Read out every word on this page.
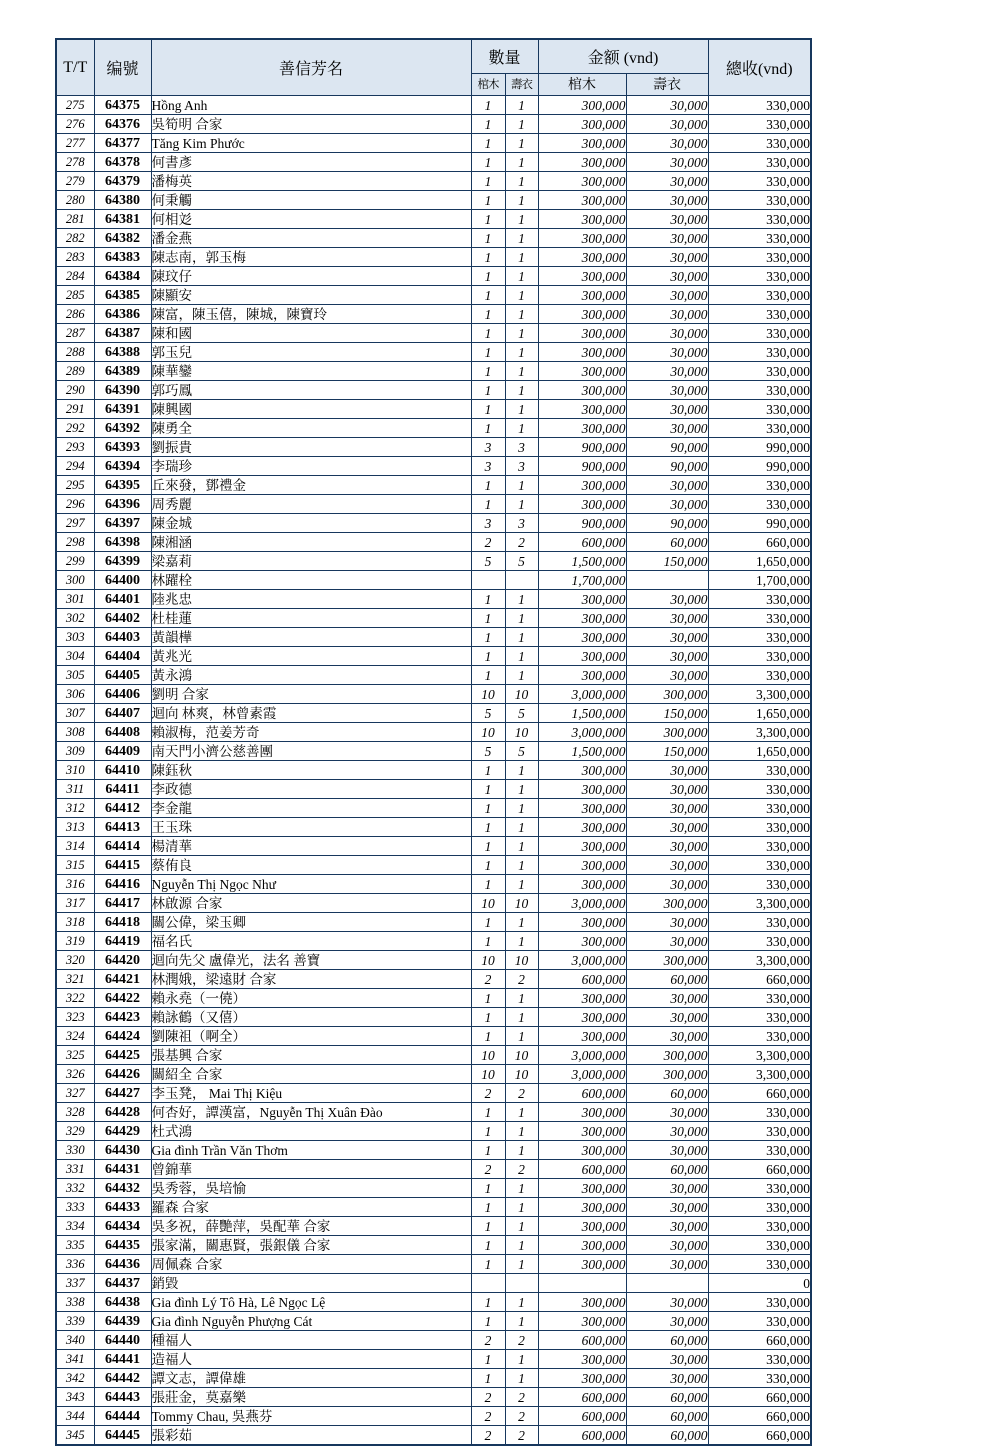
T/T	编號	善信芳名	數量		金额 (vnd)		總收(vnd)
			棺木	壽衣	棺木	壽衣	
275	64375	Hồng Anh	1	1	300,000	30,000	330,000
276	64376	吳筍明 合家	1	1	300,000	30,000	330,000
277	64377	Tăng Kim Phước	1	1	300,000	30,000	330,000
278	64378	何書彥	1	1	300,000	30,000	330,000
279	64379	潘梅英	1	1	300,000	30,000	330,000
280	64380	何秉觸	1	1	300,000	30,000	330,000
281	64381	何相彣	1	1	300,000	30,000	330,000
282	64382	潘金燕	1	1	300,000	30,000	330,000
283	64383	陳志南，郭玉梅	1	1	300,000	30,000	330,000
284	64384	陳玟仔	1	1	300,000	30,000	330,000
285	64385	陳顯安	1	1	300,000	30,000	330,000
286	64386	陳富，陳玉僖，陳城，陳寶玲	1	1	300,000	30,000	330,000
287	64387	陳和國	1	1	300,000	30,000	330,000
288	64388	郭玉兒	1	1	300,000	30,000	330,000
289	64389	陳華鑾	1	1	300,000	30,000	330,000
290	64390	郭巧鳳	1	1	300,000	30,000	330,000
291	64391	陳興國	1	1	300,000	30,000	330,000
292	64392	陳勇全	1	1	300,000	30,000	330,000
293	64393	劉振貴	3	3	900,000	90,000	990,000
294	64394	李瑞珍	3	3	900,000	90,000	990,000
295	64395	丘來發，鄧禮金	1	1	300,000	30,000	330,000
296	64396	周秀麗	1	1	300,000	30,000	330,000
297	64397	陳金城	3	3	900,000	90,000	990,000
298	64398	陳湘涵	2	2	600,000	60,000	660,000
299	64399	梁嘉莉	5	5	1,500,000	150,000	1,650,000
300	64400	林躍栓			1,700,000		1,700,000
301	64401	陸兆忠	1	1	300,000	30,000	330,000
302	64402	杜桂蓮	1	1	300,000	30,000	330,000
303	64403	黃韻樺	1	1	300,000	30,000	330,000
304	64404	黃兆光	1	1	300,000	30,000	330,000
305	64405	黃永鴻	1	1	300,000	30,000	330,000
306	64406	劉明 合家	10	10	3,000,000	300,000	3,300,000
307	64407	迴向 林爽，林曾素霞	5	5	1,500,000	150,000	1,650,000
308	64408	賴淑梅，范姜芳奇	10	10	3,000,000	300,000	3,300,000
309	64409	南天門小濟公慈善團	5	5	1,500,000	150,000	1,650,000
310	64410	陳鈺秋	1	1	300,000	30,000	330,000
311	64411	李政德	1	1	300,000	30,000	330,000
312	64412	李金龍	1	1	300,000	30,000	330,000
313	64413	王玉珠	1	1	300,000	30,000	330,000
314	64414	楊清華	1	1	300,000	30,000	330,000
315	64415	蔡侑良	1	1	300,000	30,000	330,000
316	64416	Nguyễn Thị Ngọc Như	1	1	300,000	30,000	330,000
317	64417	林啟源 合家	10	10	3,000,000	300,000	3,300,000
318	64418	關公偉，梁玉卿	1	1	300,000	30,000	330,000
319	64419	福名氏	1	1	300,000	30,000	330,000
320	64420	迴向先父 盧偉光，法名 善寶	10	10	3,000,000	300,000	3,300,000
321	64421	林潤娥，梁遠財 合家	2	2	600,000	60,000	660,000
322	64422	賴永堯（一僥）	1	1	300,000	30,000	330,000
323	64423	賴詠鶴（又僖）	1	1	300,000	30,000	330,000
324	64424	劉陳祖（啊全）	1	1	300,000	30,000	330,000
325	64425	張基興 合家	10	10	3,000,000	300,000	3,300,000
326	64426	關紹全 合家	10	10	3,000,000	300,000	3,300,000
327	64427	李玉凳， Mai Thị Kiệu	2	2	600,000	60,000	660,000
328	64428	何杏好，譚漢富，Nguyễn Thị Xuân Đào	1	1	300,000	30,000	330,000
329	64429	杜式鴻	1	1	300,000	30,000	330,000
330	64430	Gia đình Trần Văn Thơm	1	1	300,000	30,000	330,000
331	64431	曾錦華	2	2	600,000	60,000	660,000
332	64432	吳秀蓉，吳培愉	1	1	300,000	30,000	330,000
333	64433	羅森 合家	1	1	300,000	30,000	330,000
334	64434	吳多祝，薛艷萍，吳配華 合家	1	1	300,000	30,000	330,000
335	64435	張家滿，關惠賢，張銀儀 合家	1	1	300,000	30,000	330,000
336	64436	周佩森 合家	1	1	300,000	30,000	330,000
337	64437	銷毀					0
338	64438	Gia đình Lý Tô Hà, Lê Ngọc Lệ	1	1	300,000	30,000	330,000
339	64439	Gia đình Nguyễn Phượng Cát	1	1	300,000	30,000	330,000
340	64440	種福人	2	2	600,000	60,000	660,000
341	64441	造福人	1	1	300,000	30,000	330,000
342	64442	譚文志，譚偉雄	1	1	300,000	30,000	330,000
343	64443	張莊金，莫嘉樂	2	2	600,000	60,000	660,000
344	64444	Tommy Chau, 吳燕芬	2	2	600,000	60,000	660,000
345	64445	張彩茹	2	2	600,000	60,000	660,000
